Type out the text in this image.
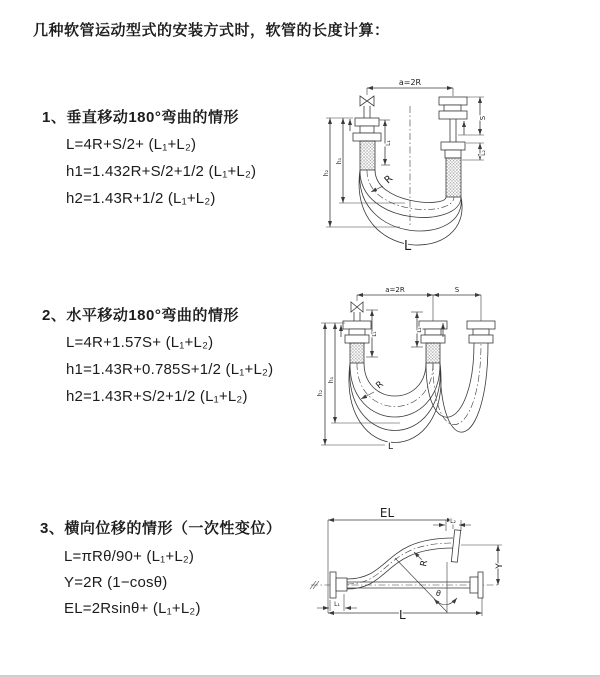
几种软管运动型式的安装方式时，软管的长度计算：
1、垂直移动180°弯曲的情形
L=4R+S/2+ (L₁+L₂)
h1=1.432R+S/2+1/2 (L₁+L₂)
h2=1.43R+1/2 (L₁+L₂)
2、水平移动180°弯曲的情形
L=4R+1.57S+ (L₁+L₂)
h1=1.43R+0.785S+1/2 (L₁+L₂)
h2=1.43R+S/2+1/2 (L₁+L₂)
3、横向位移的情形（一次性变位）
L=πRθ/90+ (L₁+L₂)
Y=2R (1−cosθ)
EL=2Rsinθ+ (L₁+L₂)
a=2R
R
h₁
h₂
L₁
S
L₂
L
a=2R	S
h₁
h₂
L₁
L₂
R
L
EL
L₂
Y
θ
R
L₁
L
